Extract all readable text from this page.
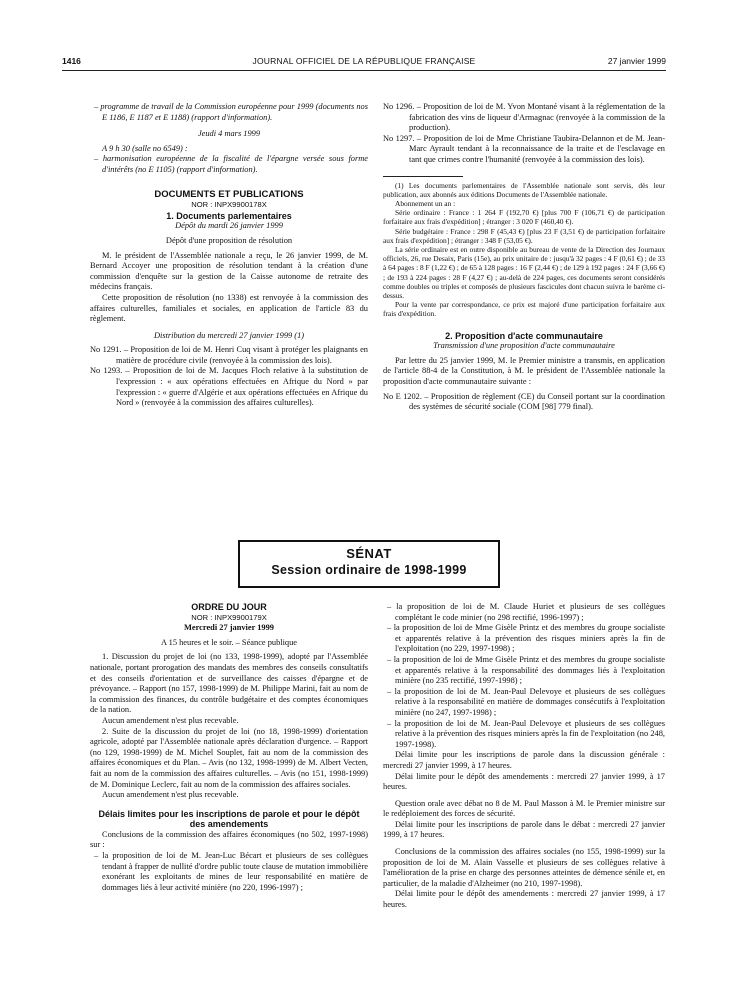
1416	JOURNAL OFFICIEL DE LA RÉPUBLIQUE FRANÇAISE	27 janvier 1999

– programme de travail de la Commission européenne pour 1999 (documents nos E 1186, E 1187 et E 1188) (rapport d'information).

Jeudi 4 mars 1999

A 9 h 30 (salle no 6549) :

– harmonisation européenne de la fiscalité de l'épargne versée sous forme d'intérêts (no E 1105) (rapport d'information).

DOCUMENTS ET PUBLICATIONS

NOR : INPX9900178X

1. Documents parlementaires

Dépôt du mardi 26 janvier 1999

Dépôt d'une proposition de résolution

M. le président de l'Assemblée nationale a reçu, le 26 janvier 1999, de M. Bernard Accoyer une proposition de résolution tendant à la création d'une commission d'enquête sur la gestion de la Caisse autonome de retraite des médecins français.

Cette proposition de résolution (no 1338) est renvoyée à la commission des affaires culturelles, familiales et sociales, en application de l'article 83 du règlement.

Distribution du mercredi 27 janvier 1999 (1)

No 1291. – Proposition de loi de M. Henri Cuq visant à protéger les plaignants en matière de procédure civile (renvoyée à la commission des lois).

No 1293. – Proposition de loi de M. Jacques Floch relative à la substitution de l'expression : « aux opérations effectuées en Afrique du Nord » par l'expression : « guerre d'Algérie et aux opérations effectuées en Afrique du Nord » (renvoyée à la commission des affaires culturelles).

No 1296. – Proposition de loi de M. Yvon Montané visant à la réglementation de la fabrication des vins de liqueur d'Armagnac (renvoyée à la commission de la production).

No 1297. – Proposition de loi de Mme Christiane Taubira-Delannon et de M. Jean-Marc Ayrault tendant à la reconnaissance de la traite et de l'esclavage en tant que crimes contre l'humanité (renvoyée à la commission des lois).

(1) Les documents parlementaires de l'Assemblée nationale sont servis, dès leur publication, aux abonnés aux éditions Documents de l'Assemblée nationale.

Abonnement un an :

Série ordinaire : France : 1 264 F (192,70 €) [plus 700 F (106,71 €) de participation forfaitaire aux frais d'expédition] ; étranger : 3 020 F (460,40 €).

Série budgétaire : France : 298 F (45,43 €) [plus 23 F (3,51 €) de participation forfaitaire aux frais d'expédition] ; étranger : 348 F (53,05 €).

La série ordinaire est en outre disponible au bureau de vente de la Direction des Journaux officiels, 26, rue Desaix, Paris (15e), au prix unitaire de : jusqu'à 32 pages : 4 F (0,61 €) ; de 33 à 64 pages : 8 F (1,22 €) ; de 65 à 128 pages : 16 F (2,44 €) ; de 129 à 192 pages : 24 F (3,66 €) ; de 193 à 224 pages : 28 F (4,27 €) ; au-delà de 224 pages, ces documents seront considérés comme doubles ou triples et composés de plusieurs fascicules dont chacun suivra le barème ci-dessus.

Pour la vente par correspondance, ce prix est majoré d'une participation forfaitaire aux frais d'expédition.

2. Proposition d'acte communautaire

Transmission d'une proposition d'acte communautaire

Par lettre du 25 janvier 1999, M. le Premier ministre a transmis, en application de l'article 88-4 de la Constitution, à M. le président de l'Assemblée nationale la proposition d'acte communautaire suivante :

No E 1202. – Proposition de règlement (CE) du Conseil portant sur la coordination des systèmes de sécurité sociale (COM [98] 779 final).

SÉNAT
Session ordinaire de 1998-1999

ORDRE DU JOUR

NOR : INPX9900179X

Mercredi 27 janvier 1999

A 15 heures et le soir. – Séance publique

1. Discussion du projet de loi (no 133, 1998-1999), adopté par l'Assemblée nationale, portant prorogation des mandats des membres des conseils consultatifs et des conseils d'orientation et de surveillance des caisses d'épargne et de prévoyance. – Rapport (no 157, 1998-1999) de M. Philippe Marini, fait au nom de la commission des finances, du contrôle budgétaire et des comptes économiques de la nation.

Aucun amendement n'est plus recevable.

2. Suite de la discussion du projet de loi (no 18, 1998-1999) d'orientation agricole, adopté par l'Assemblée nationale après déclaration d'urgence. – Rapport (no 129, 1998-1999) de M. Michel Souplet, fait au nom de la commission des affaires économiques et du Plan. – Avis (no 132, 1998-1999) de M. Albert Vecten, fait au nom de la commission des affaires culturelles. – Avis (no 151, 1998-1999) de M. Dominique Leclerc, fait au nom de la commission des affaires sociales.

Aucun amendement n'est plus recevable.

Délais limites pour les inscriptions de parole et pour le dépôt des amendements

Conclusions de la commission des affaires économiques (no 502, 1997-1998) sur :

– la proposition de loi de M. Jean-Luc Bécart et plusieurs de ses collègues tendant à frapper de nullité d'ordre public toute clause de mutation immobilière exonérant les exploitants de mines de leur responsabilité en matière de dommages liés à leur activité minière (no 220, 1996-1997) ;

– la proposition de loi de M. Claude Huriet et plusieurs de ses collègues complétant le code minier (no 298 rectifié, 1996-1997) ;

– la proposition de loi de Mme Gisèle Printz et des membres du groupe socialiste et apparentés relative à la prévention des risques miniers après la fin de l'exploitation (no 229, 1997-1998) ;

– la proposition de loi de Mme Gisèle Printz et des membres du groupe socialiste et apparentés relative à la responsabilité des dommages liés à l'exploitation minière (no 235 rectifié, 1997-1998) ;

– la proposition de loi de M. Jean-Paul Delevoye et plusieurs de ses collègues relative à la responsabilité en matière de dommages consécutifs à l'exploitation minière (no 247, 1997-1998) ;

– la proposition de loi de M. Jean-Paul Delevoye et plusieurs de ses collègues relative à la prévention des risques miniers après la fin de l'exploitation (no 248, 1997-1998).

Délai limite pour les inscriptions de parole dans la discussion générale : mercredi 27 janvier 1999, à 17 heures.

Délai limite pour le dépôt des amendements : mercredi 27 janvier 1999, à 17 heures.

Question orale avec débat no 8 de M. Paul Masson à M. le Premier ministre sur le redéploiement des forces de sécurité.

Délai limite pour les inscriptions de parole dans le débat : mercredi 27 janvier 1999, à 17 heures.

Conclusions de la commission des affaires sociales (no 155, 1998-1999) sur la proposition de loi de M. Alain Vasselle et plusieurs de ses collègues relative à l'amélioration de la prise en charge des personnes atteintes de démence sénile et, en particulier, de la maladie d'Alzheimer (no 210, 1997-1998).

Délai limite pour le dépôt des amendements : mercredi 27 janvier 1999, à 17 heures.
